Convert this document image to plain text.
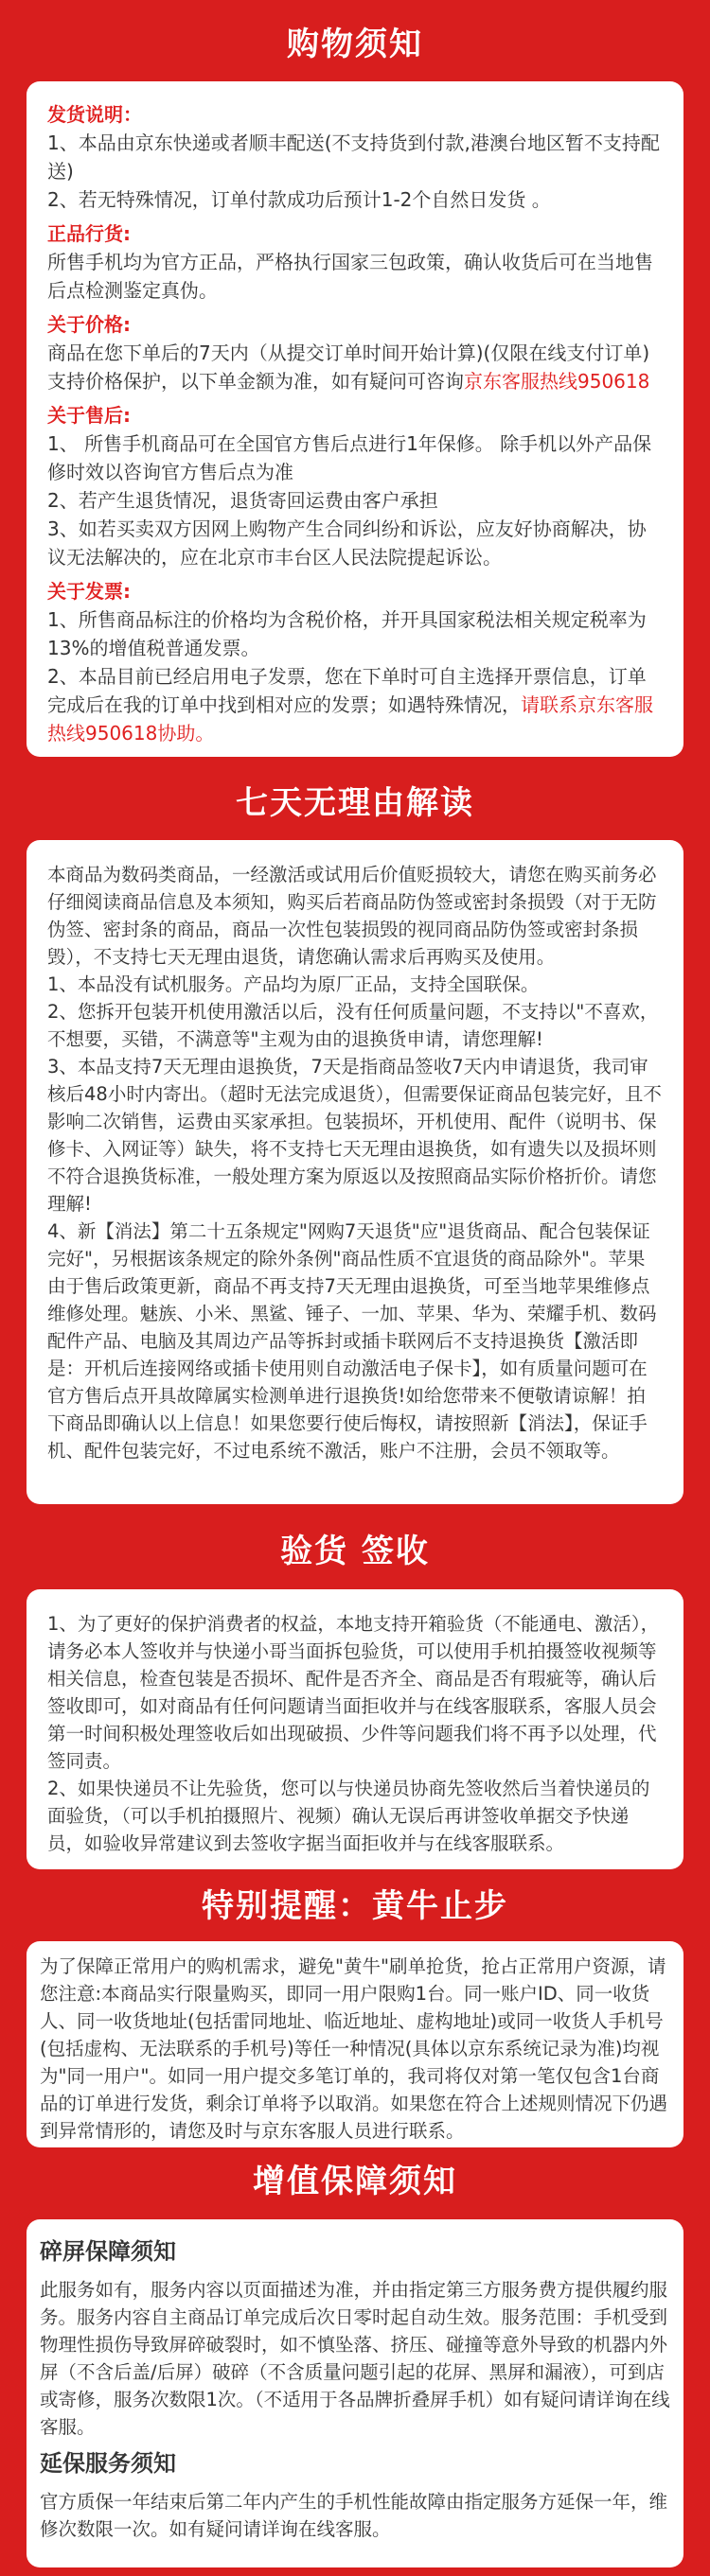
购物须知

发货说明：

1、本品由京东快递或者顺丰配送(不支持货到付款,港澳台地区暂不支持配送)

2、若无特殊情况，订单付款成功后预计1-2个自然日发货 。

正品行货:

所售手机均为官方正品，严格执行国家三包政策，确认收货后可在当地售后点检测鉴定真伪。

关于价格:

商品在您下单后的7天内（从提交订单时间开始计算)(仅限在线支付订单)支持价格保护，以下单金额为准，如有疑问可咨询京东客服热线950618

关于售后:

1、 所售手机商品可在全国官方售后点进行1年保修。 除手机以外产品保修时效以咨询官方售后点为准

2、若产生退货情况，退货寄回运费由客户承担

3、如若买卖双方因网上购物产生合同纠纷和诉讼，应友好协商解决，协议无法解决的，应在北京市丰台区人民法院提起诉讼。

关于发票:

1、所售商品标注的价格均为含税价格，并开具国家税法相关规定税率为13%的增值税普通发票。

2、本品目前已经启用电子发票，您在下单时可自主选择开票信息，订单完成后在我的订单中找到相对应的发票；如遇特殊情况，请联系京东客服热线950618协助。

七天无理由解读

本商品为数码类商品，一经激活或试用后价值贬损较大，请您在购买前务必仔细阅读商品信息及本须知，购买后若商品防伪签或密封条损毁（对于无防伪签、密封条的商品，商品一次性包装损毁的视同商品防伪签或密封条损毁），不支持七天无理由退货，请您确认需求后再购买及使用。

1、本品没有试机服务。产品均为原厂正品，支持全国联保。

2、您拆开包装开机使用激活以后，没有任何质量问题，不支持以"不喜欢，不想要，买错，不满意等"主观为由的退换货申请，请您理解!

3、本品支持7天无理由退换货，7天是指商品签收7天内申请退货，我司审核后48小时内寄出。（超时无法完成退货），但需要保证商品包装完好，且不影响二次销售，运费由买家承担。包装损坏，开机使用、配件（说明书、保修卡、入网证等）缺失，将不支持七天无理由退换货，如有遗失以及损坏则不符合退换货标准，一般处理方案为原返以及按照商品实际价格折价。请您理解!

4、新【消法】第二十五条规定"网购7天退货"应"退货商品、配合包装保证完好"，另根据该条规定的除外条例"商品性质不宜退货的商品除外"。苹果由于售后政策更新，商品不再支持7天无理由退换货，可至当地苹果维修点维修处理。魅族、小米、黑鲨、锤子、一加、苹果、华为、荣耀手机、数码配件产品、电脑及其周边产品等拆封或插卡联网后不支持退换货【激活即是：开机后连接网络或插卡使用则自动激活电子保卡】，如有质量问题可在官方售后点开具故障属实检测单进行退换货!如给您带来不便敬请谅解！拍下商品即确认以上信息！如果您要行使后悔权，请按照新【消法】，保证手机、配件包装完好，不过电系统不激活，账户不注册，会员不领取等。

验货 签收

1、为了更好的保护消费者的权益，本地支持开箱验货（不能通电、激活），请务必本人签收并与快递小哥当面拆包验货，可以使用手机拍摄签收视频等相关信息，检查包装是否损坏、配件是否齐全、商品是否有瑕疵等，确认后签收即可，如对商品有任何问题请当面拒收并与在线客服联系，客服人员会第一时间积极处理签收后如出现破损、少件等问题我们将不再予以处理，代签同责。

2、如果快递员不让先验货，您可以与快递员协商先签收然后当着快递员的面验货，（可以手机拍摄照片、视频）确认无误后再讲签收单据交予快递员，如验收异常建议到去签收字据当面拒收并与在线客服联系。

特别提醒：黄牛止步

为了保障正常用户的购机需求，避免"黄牛"刷单抢货，抢占正常用户资源，请您注意:本商品实行限量购买，即同一用户限购1台。同一账户ID、同一收货人、同一收货地址(包括雷同地址、临近地址、虚构地址)或同一收货人手机号(包括虚构、无法联系的手机号)等任一种情况(具体以京东系统记录为准)均视为"同一用户"。如同一用户提交多笔订单的，我司将仅对第一笔仅包含1台商品的订单进行发货，剩余订单将予以取消。如果您在符合上述规则情况下仍遇到异常情形的，请您及时与京东客服人员进行联系。

增值保障须知
碎屏保障须知

此服务如有，服务内容以页面描述为准，并由指定第三方服务费方提供履约服务。服务内容自主商品订单完成后次日零时起自动生效。服务范围：手机受到物理性损伤导致屏碎破裂时，如不慎坠落、挤压、碰撞等意外导致的机器内外屏（不含后盖/后屏）破碎（不含质量问题引起的花屏、黑屏和漏液），可到店或寄修，服务次数限1次。（不适用于各品牌折叠屏手机）如有疑问请详询在线客服。

延保服务须知

官方质保一年结束后第二年内产生的手机性能故障由指定服务方延保一年，维修次数限一次。如有疑问请详询在线客服。
